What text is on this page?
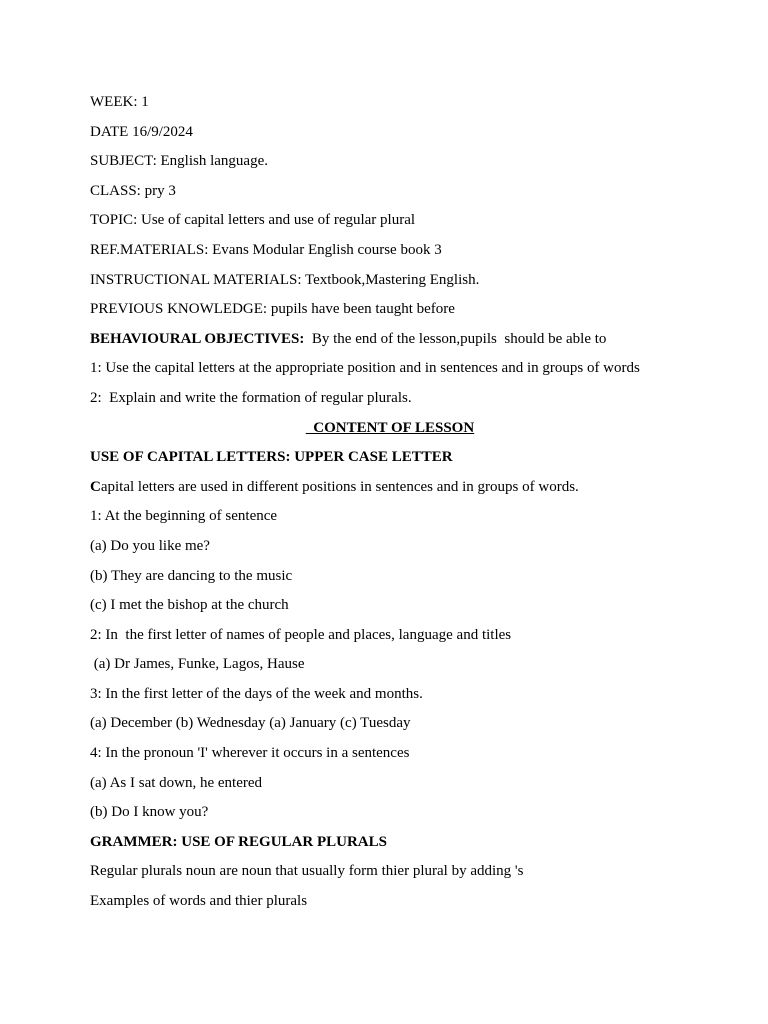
WEEK: 1
DATE 16/9/2024
SUBJECT: English language.
CLASS: pry 3
TOPIC: Use of capital letters and use of regular plural
REF.MATERIALS: Evans Modular English course book 3
INSTRUCTIONAL MATERIALS: Textbook,Mastering English.
PREVIOUS KNOWLEDGE: pupils have been taught before
BEHAVIOURAL OBJECTIVES:  By the end of the lesson,pupils  should be able to
1: Use the capital letters at the appropriate position and in sentences and in groups of words
2:  Explain and write the formation of regular plurals.
CONTENT OF LESSON
USE OF CAPITAL LETTERS: UPPER CASE LETTER
Capital letters are used in different positions in sentences and in groups of words.
1: At the beginning of sentence
(a) Do you like me?
(b) They are dancing to the music
(c) I met the bishop at the church
2: In  the first letter of names of people and places, language and titles
(a) Dr James, Funke, Lagos, Hause
3: In the first letter of the days of the week and months.
(a) December (b) Wednesday (a) January (c) Tuesday
4: In the pronoun 'I' wherever it occurs in a sentences
(a) As I sat down, he entered
(b) Do I know you?
GRAMMER: USE OF REGULAR PLURALS
Regular plurals noun are noun that usually form thier plural by adding 's
Examples of words and thier plurals
